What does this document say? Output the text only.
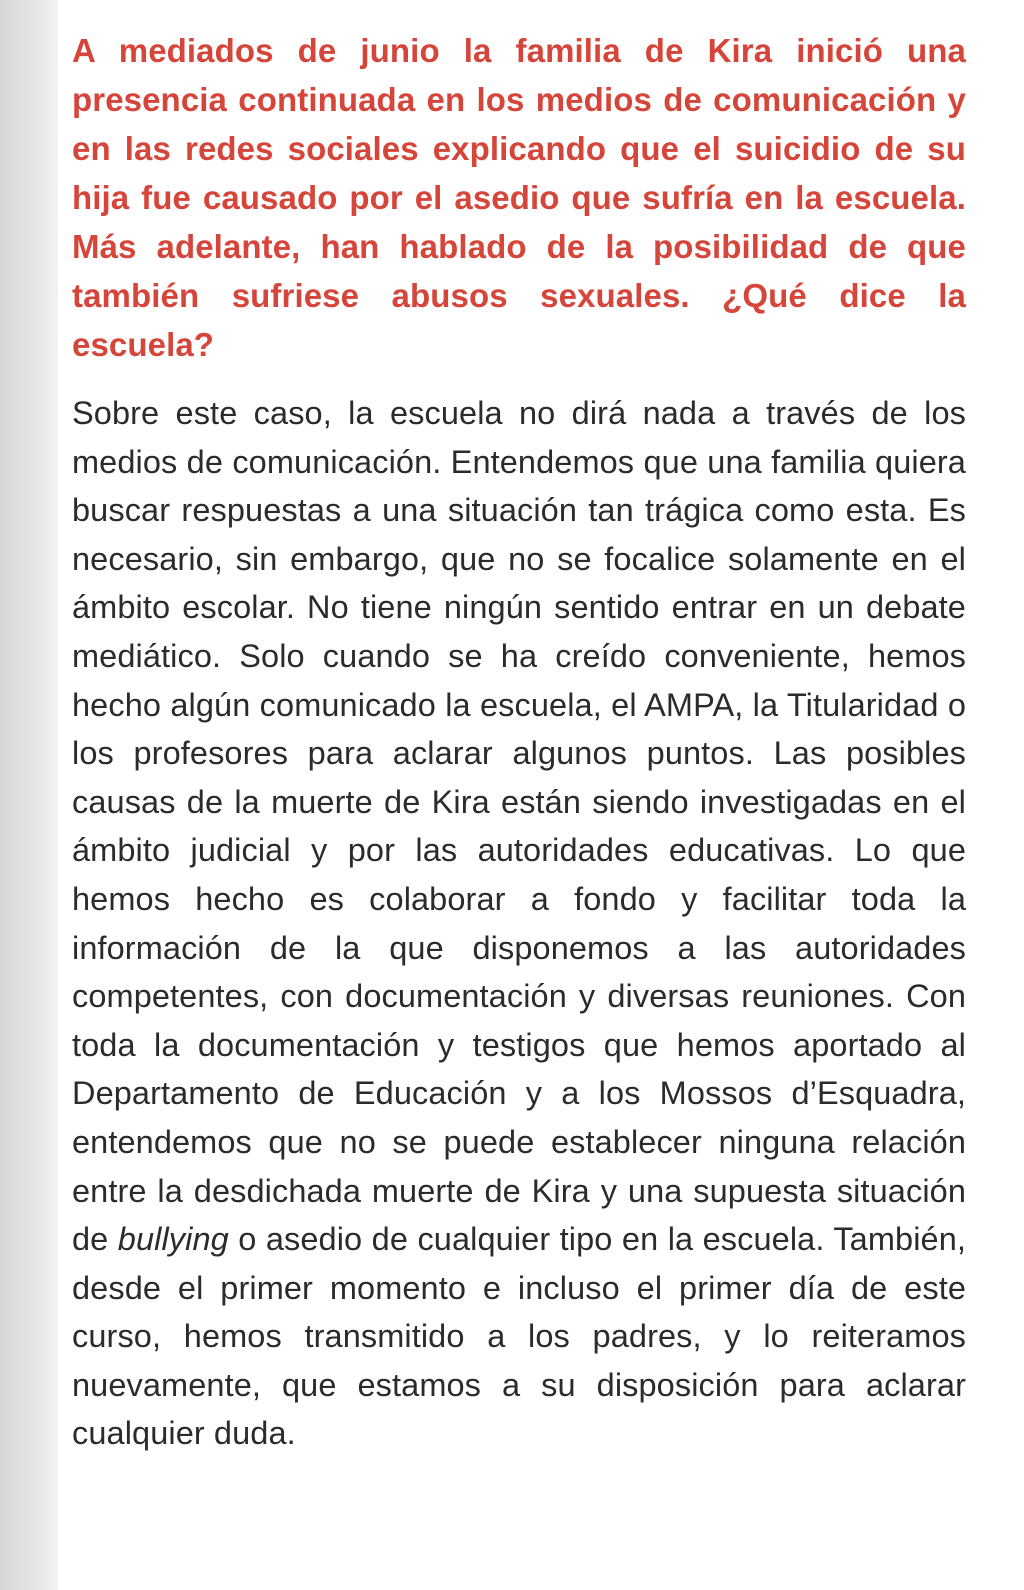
A mediados de junio la familia de Kira inició una presencia continuada en los medios de comunicación y en las redes sociales explicando que el suicidio de su hija fue causado por el asedio que sufría en la escuela. Más adelante, han hablado de la posibilidad de que también sufriese abusos sexuales. ¿Qué dice la escuela?

Sobre este caso, la escuela no dirá nada a través de los medios de comunicación. Entendemos que una familia quiera buscar respuestas a una situación tan trágica como esta. Es necesario, sin embargo, que no se focalice solamente en el ámbito escolar. No tiene ningún sentido entrar en un debate mediático. Solo cuando se ha creído conveniente, hemos hecho algún comunicado la escuela, el AMPA, la Titularidad o los profesores para aclarar algunos puntos. Las posibles causas de la muerte de Kira están siendo investigadas en el ámbito judicial y por las autoridades educativas. Lo que hemos hecho es colaborar a fondo y facilitar toda la información de la que disponemos a las autoridades competentes, con documentación y diversas reuniones. Con toda la documentación y testigos que hemos aportado al Departamento de Educación y a los Mossos d’Esquadra, entendemos que no se puede establecer ninguna relación entre la desdichada muerte de Kira y una supuesta situación de bullying o asedio de cualquier tipo en la escuela. También, desde el primer momento e incluso el primer día de este curso, hemos transmitido a los padres, y lo reiteramos nuevamente, que estamos a su disposición para aclarar cualquier duda.
